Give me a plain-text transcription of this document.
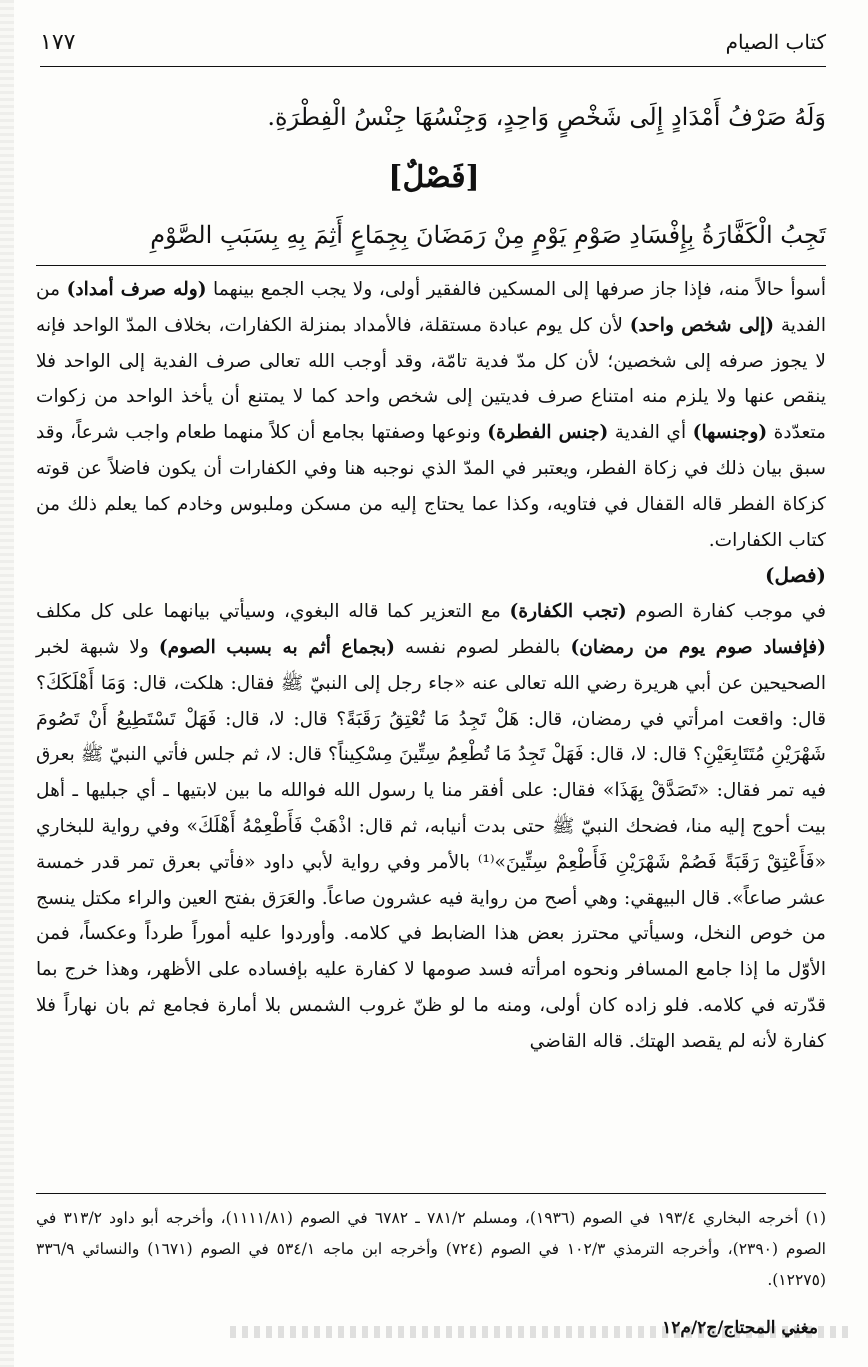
كتاب الصيام
١٧٧
وَلَهُ صَرْفُ أَمْدَادٍ إِلَى شَخْصٍ وَاحِدٍ، وَجِنْسُهَا جِنْسُ الْفِطْرَةِ.
[فَصْلٌ]
تَجِبُ الْكَفَّارَةُ بِإِفْسَادِ صَوْمِ يَوْمٍ مِنْ رَمَضَانَ بِجِمَاعٍ أَثِمَ بِهِ بِسَبَبِ الصَّوْمِ

أسوأ حالاً منه، فإذا جاز صرفها إلى المسكين فالفقير أولى، ولا يجب الجمع بينهما (وله صرف أمداد) من الفدية (إلى شخص واحد) لأن كل يوم عبادة مستقلة، فالأمداد بمنزلة الكفارات، بخلاف المدّ الواحد فإنه لا يجوز صرفه إلى شخصين؛ لأن كل مدّ فدية تامّة، وقد أوجب الله تعالى صرف الفدية إلى الواحد فلا ينقص عنها ولا يلزم منه امتناع صرف فديتين إلى شخص واحد كما لا يمتنع أن يأخذ الواحد من زكوات متعدّدة (وجنسها) أي الفدية (جنس الفطرة) ونوعها وصفتها بجامع أن كلاً منهما طعام واجب شرعاً، وقد سبق بيان ذلك في زكاة الفطر، ويعتبر في المدّ الذي نوجبه هنا وفي الكفارات أن يكون فاضلاً عن قوته كزكاة الفطر قاله القفال في فتاويه، وكذا عما يحتاج إليه من مسكن وملبوس وخادم كما يعلم ذلك من كتاب الكفارات.

(فصل)

في موجب كفارة الصوم (تجب الكفارة) مع التعزير كما قاله البغوي، وسيأتي بيانهما على كل مكلف (فإفساد صوم يوم من رمضان) بالفطر لصوم نفسه (بجماع أثم به بسبب الصوم) ولا شبهة لخبر الصحيحين عن أبي هريرة رضي الله تعالى عنه «جاء رجل إلى النبيّ ﷺ فقال: هلكت، قال: وَمَا أَهْلَكَكَ؟ قال: واقعت امرأتي في رمضان، قال: هَلْ تَجِدُ مَا تُعْتِقُ رَقَبَةً؟ قال: لا، قال: فَهَلْ تَسْتَطِيعُ أَنْ تَصُومَ شَهْرَيْنِ مُتَتَابِعَيْنِ؟ قال: لا، قال: فَهَلْ تَجِدُ مَا تُطْعِمُ سِتِّينَ مِسْكِيناً؟ قال: لا، ثم جلس فأتي النبيّ ﷺ بعرق فيه تمر فقال: «تَصَدَّقْ بِهَذَا» فقال: على أفقر منا يا رسول الله فوالله ما بين لابتيها ـ أي جبليها ـ أهل بيت أحوج إليه منا، فضحك النبيّ ﷺ حتى بدت أنيابه، ثم قال: اذْهَبْ فَأَطْعِمْهُ أَهْلَكَ» وفي رواية للبخاري «فَأَعْتِقْ رَقَبَةً فَصُمْ شَهْرَيْنِ فَأَطْعِمْ سِتِّينَ»⁽¹⁾ بالأمر وفي رواية لأبي داود «فأتي بعرق تمر قدر خمسة عشر صاعاً». قال البيهقي: وهي أصح من رواية فيه عشرون صاعاً. والعَرَق بفتح العين والراء مكتل ينسج من خوص النخل، وسيأتي محترز بعض هذا الضابط في كلامه. وأوردوا عليه أموراً طرداً وعكساً، فمن الأوّل ما إذا جامع المسافر ونحوه امرأته فسد صومها لا كفارة عليه بإفساده على الأظهر، وهذا خرج بما قدّرته في كلامه. فلو زاده كان أولى، ومنه ما لو ظنّ غروب الشمس بلا أمارة فجامع ثم بان نهاراً فلا كفارة لأنه لم يقصد الهتك. قاله القاضي

(١) أخرجه البخاري ١٩٣/٤ في الصوم (١٩٣٦)، ومسلم ٧٨١/٢ ـ ٦٧٨٢ في الصوم (١١١١/٨١)، وأخرجه أبو داود ٣١٣/٢ في الصوم (٢٣٩٠)، وأخرجه الترمذي ١٠٢/٣ في الصوم (٧٢٤) وأخرجه ابن ماجه ٥٣٤/١ في الصوم (١٦٧١) والنسائي ٣٣٦/٩ (١٢٢٧٥).

مغني المحتاج/ج٢/م١٢
